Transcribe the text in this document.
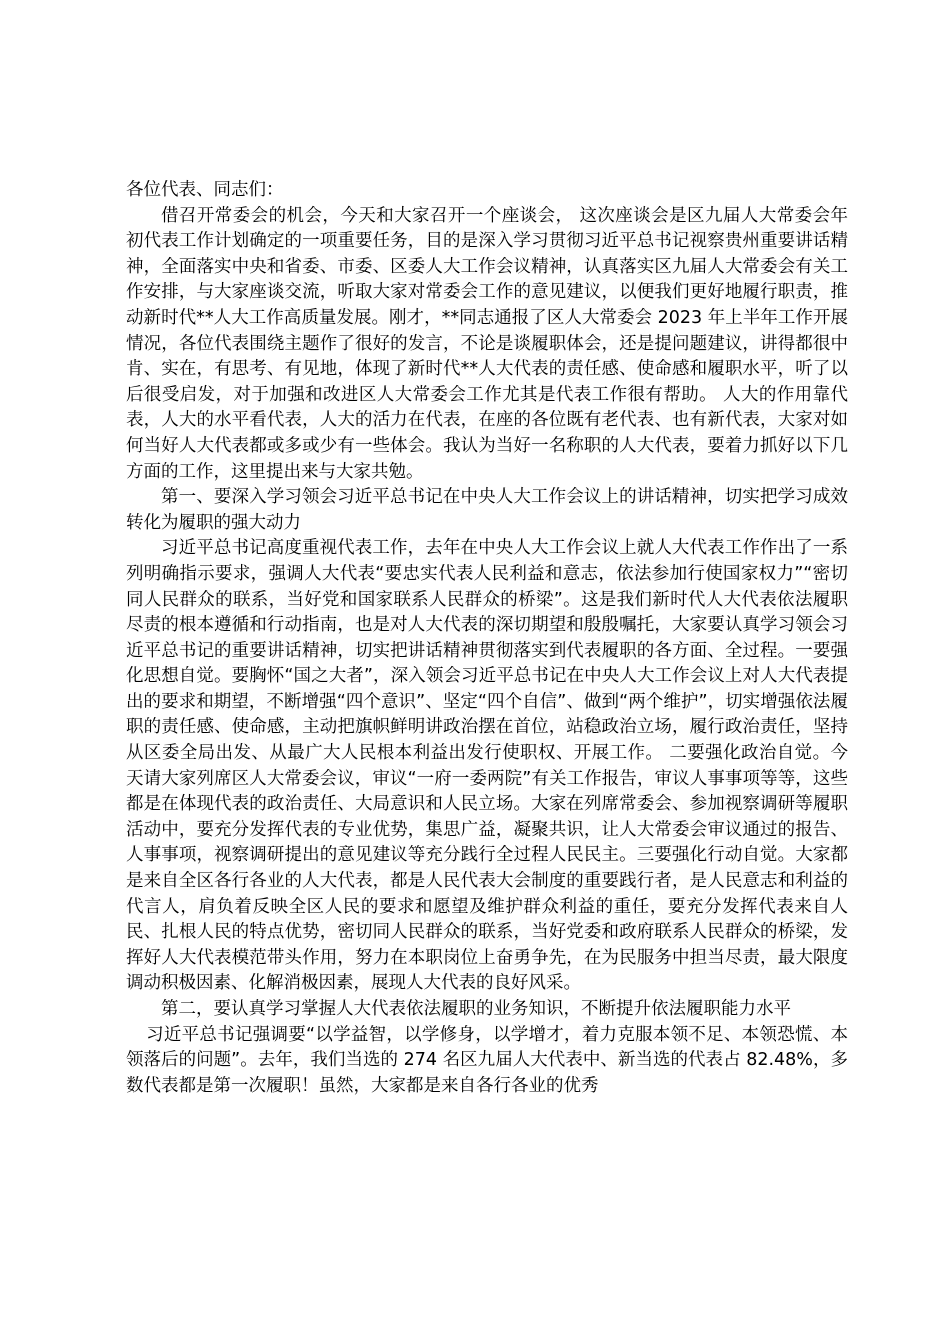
各位代表、同志们：

借召开常委会的机会，今天和大家召开一个座谈会， 这次座谈会是区九届人大常委会年初代表工作计划确定的一项重要任务，目的是深入学习贯彻习近平总书记视察贵州重要讲话精神，全面落实中央和省委、市委、区委人大工作会议精神，认真落实区九届人大常委会有关工作安排，与大家座谈交流，听取大家对常委会工作的意见建议，以便我们更好地履行职责，推动新时代**人大工作高质量发展。刚才，**同志通报了区人大常委会 2023 年上半年工作开展情况，各位代表围绕主题作了很好的发言，不论是谈履职体会，还是提问题建议，讲得都很中肯、实在，有思考、有见地，体现了新时代**人大代表的责任感、使命感和履职水平，听了以后很受启发，对于加强和改进区人大常委会工作尤其是代表工作很有帮助。 人大的作用靠代表，人大的水平看代表，人大的活力在代表，在座的各位既有老代表、也有新代表，大家对如何当好人大代表都或多或少有一些体会。我认为当好一名称职的人大代表，要着力抓好以下几方面的工作，这里提出来与大家共勉。

第一、要深入学习领会习近平总书记在中央人大工作会议上的讲话精神，切实把学习成效转化为履职的强大动力

习近平总书记高度重视代表工作，去年在中央人大工作会议上就人大代表工作作出了一系列明确指示要求，强调人大代表“要忠实代表人民利益和意志，依法参加行使国家权力”“密切同人民群众的联系，当好党和国家联系人民群众的桥梁”。这是我们新时代人大代表依法履职尽责的根本遵循和行动指南，也是对人大代表的深切期望和殷殷嘱托，大家要认真学习领会习近平总书记的重要讲话精神，切实把讲话精神贯彻落实到代表履职的各方面、全过程。一要强化思想自觉。要胸怀“国之大者”，深入领会习近平总书记在中央人大工作会议上对人大代表提出的要求和期望，不断增强“四个意识”、坚定“四个自信”、做到“两个维护”，切实增强依法履职的责任感、使命感，主动把旗帜鲜明讲政治摆在首位，站稳政治立场，履行政治责任，坚持从区委全局出发、从最广大人民根本利益出发行使职权、开展工作。 二要强化政治自觉。今天请大家列席区人大常委会议，审议“一府一委两院”有关工作报告，审议人事事项等等，这些都是在体现代表的政治责任、大局意识和人民立场。大家在列席常委会、参加视察调研等履职活动中，要充分发挥代表的专业优势，集思广益，凝聚共识，让人大常委会审议通过的报告、人事事项，视察调研提出的意见建议等充分践行全过程人民民主。三要强化行动自觉。大家都是来自全区各行各业的人大代表，都是人民代表大会制度的重要践行者，是人民意志和利益的代言人，肩负着反映全区人民的要求和愿望及维护群众利益的重任，要充分发挥代表来自人民、扎根人民的特点优势，密切同人民群众的联系，当好党委和政府联系人民群众的桥梁，发挥好人大代表模范带头作用，努力在本职岗位上奋勇争先，在为民服务中担当尽责，最大限度调动积极因素、化解消极因素，展现人大代表的良好风采。

第二，要认真学习掌握人大代表依法履职的业务知识，不断提升依法履职能力水平

习近平总书记强调要“以学益智，以学修身，以学增才，着力克服本领不足、本领恐慌、本领落后的问题”。去年，我们当选的 274 名区九届人大代表中、新当选的代表占 82.48%，多数代表都是第一次履职！虽然，大家都是来自各行各业的优秀
